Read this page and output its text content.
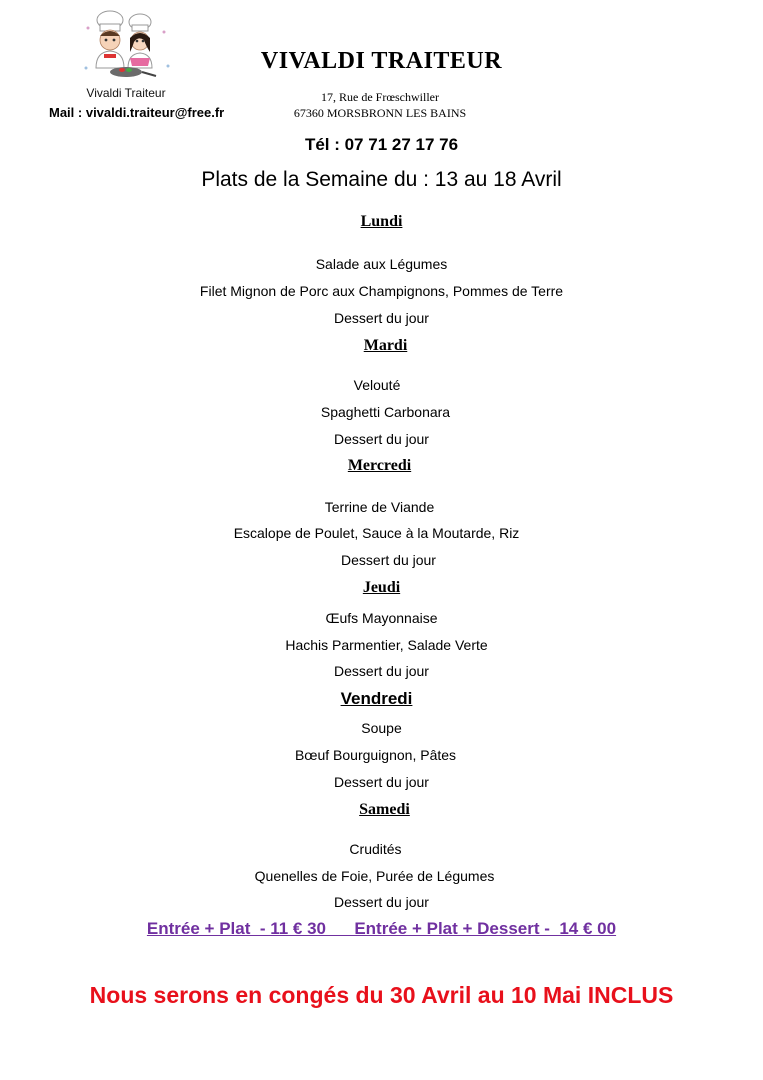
Vivaldi Traiteur
VIVALDI TRAITEUR
Mail : vivaldi.traiteur@free.fr
17, Rue de Frœschwiller
67360 MORSBRONN LES BAINS
Tél : 07 71 27 17 76
Plats de la Semaine du : 13 au 18 Avril
Lundi
Salade aux Légumes
Filet Mignon de Porc aux Champignons, Pommes de Terre
Dessert du jour
Mardi
Velouté
Spaghetti Carbonara
Dessert du jour
Mercredi
Terrine de Viande
Escalope de Poulet, Sauce à la Moutarde, Riz
Dessert du jour
Jeudi
Œufs Mayonnaise
Hachis Parmentier, Salade Verte
Dessert du jour
Vendredi
Soupe
Bœuf Bourguignon, Pâtes
Dessert du jour
Samedi
Crudités
Quenelles de Foie, Purée de Légumes
Dessert du jour
Entrée + Plat  - 11 € 30      Entrée + Plat + Dessert -  14 € 00
Nous serons en congés du 30 Avril au 10 Mai INCLUS
